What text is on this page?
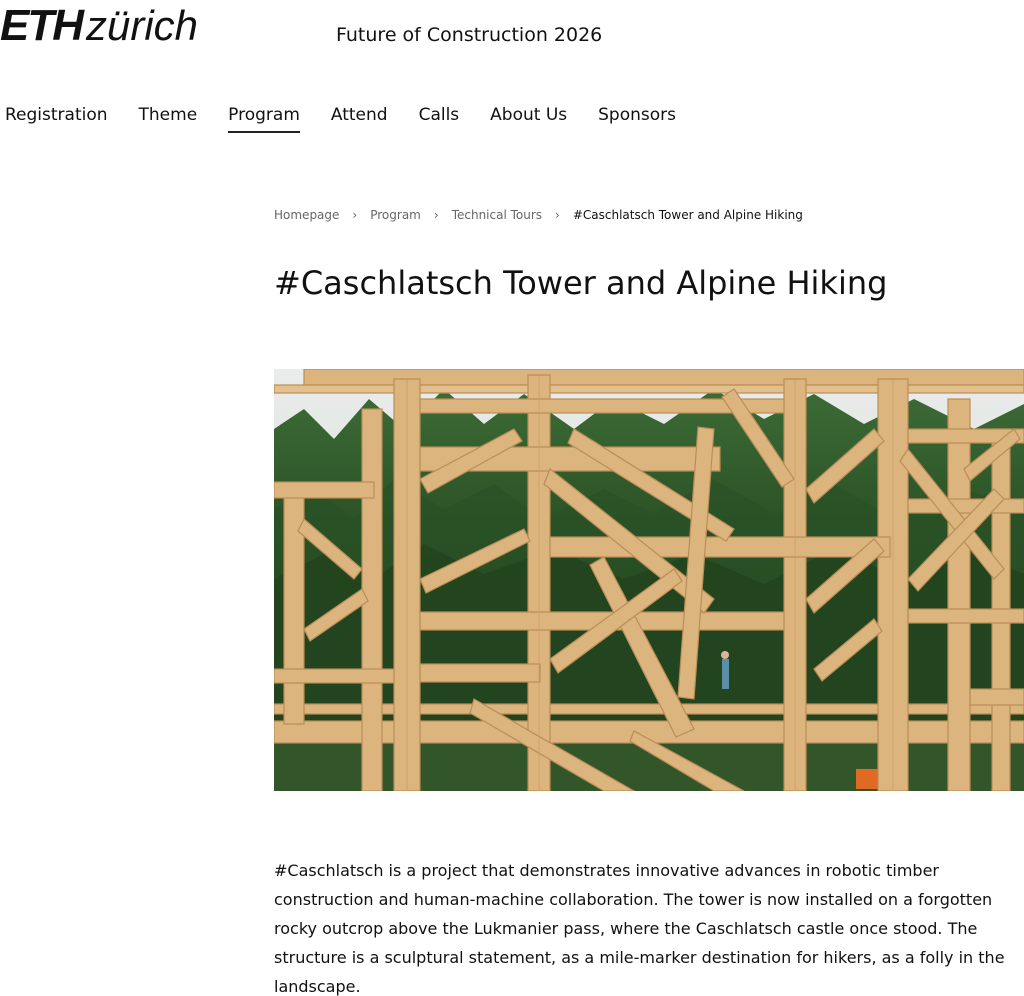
ETH zürich	Future of Construction 2026
Registration Theme Program Attend Calls About Us Sponsors
Homepage › Program › Technical Tours › #Caschlatsch Tower and Alpine Hiking
#Caschlatsch Tower and Alpine Hiking

#Caschlatsch is a project that demonstrates innovative advances in robotic timber construction and human-machine collaboration. The tower is now installed on a forgotten rocky outcrop above the Lukmanier pass, where the Caschlatsch castle once stood. The structure is a sculptural statement, as a mile-marker destination for hikers, as a folly in the landscape.
